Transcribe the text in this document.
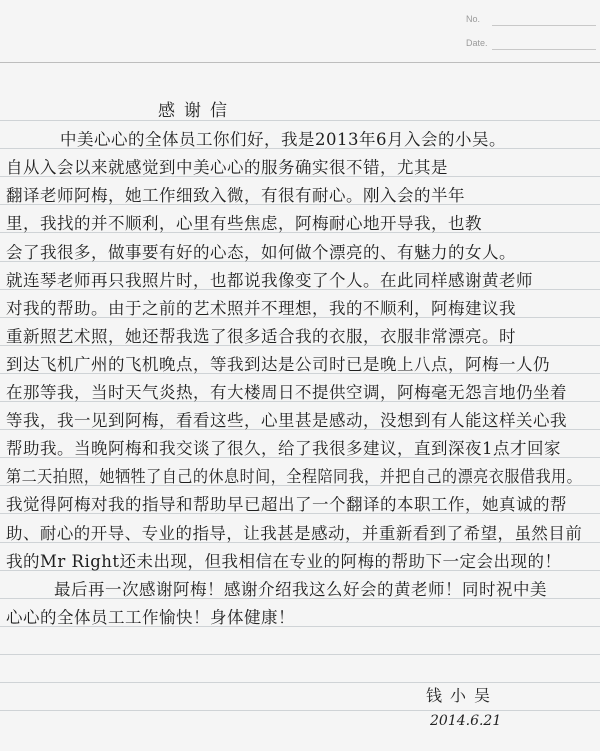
No.
Date.
感谢信
中美心心的全体员工你们好，我是2013年6月入会的小吴。
自从入会以来就感觉到中美心心的服务确实很不错，尤其是
翻译老师阿梅，她工作细致入微，有很有耐心。刚入会的半年
里，我找的并不顺利，心里有些焦虑，阿梅耐心地开导我，也教
会了我很多，做事要有好的心态，如何做个漂亮的、有魅力的女人。
就连琴老师再只我照片时，也都说我像变了个人。在此同样感谢黄老师
对我的帮助。由于之前的艺术照并不理想，我的不顺利，阿梅建议我
重新照艺术照，她还帮我选了很多适合我的衣服，衣服非常漂亮。时
到达飞机广州的飞机晚点，等我到达是公司时已是晚上八点，阿梅一人仍
在那等我，当时天气炎热，有大楼周日不提供空调，阿梅毫无怨言地仍坐着
等我，我一见到阿梅，看看这些，心里甚是感动，没想到有人能这样关心我
帮助我。当晚阿梅和我交谈了很久，给了我很多建议，直到深夜1点才回家
第二天拍照，她牺牲了自己的休息时间，全程陪同我，并把自己的漂亮衣服借我用。
我觉得阿梅对我的指导和帮助早已超出了一个翻译的本职工作，她真诚的帮
助、耐心的开导、专业的指导，让我甚是感动，并重新看到了希望，虽然目前
我的Mr Right还未出现，但我相信在专业的阿梅的帮助下一定会出现的！
最后再一次感谢阿梅！感谢介绍我这么好会的黄老师！同时祝中美
心心的全体员工工作愉快！身体健康！
钱小吴
2014.6.21
